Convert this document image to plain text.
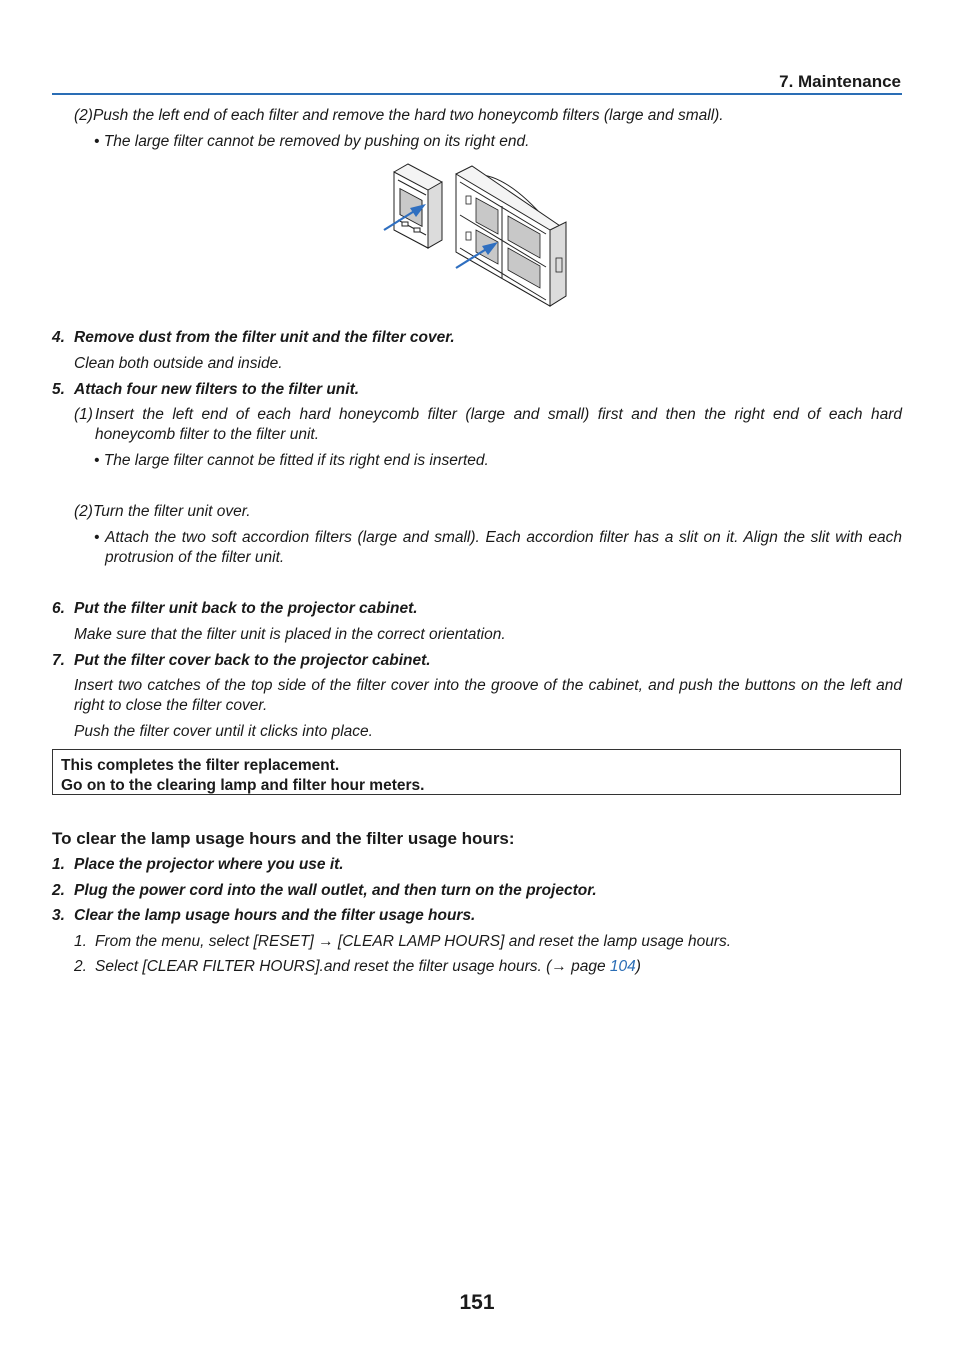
7. Maintenance
(2)Push the left end of each filter and remove the hard two honeycomb filters (large and small).
• The large filter cannot be removed by pushing on its right end.
4. Remove dust from the filter unit and the filter cover.
Clean both outside and inside.
5. Attach four new filters to the filter unit.
(1) Insert the left end of each hard honeycomb filter (large and small) first and then the right end of each hard honeycomb filter to the filter unit.
• The large filter cannot be fitted if its right end is inserted.
(2)Turn the filter unit over.
• Attach the two soft accordion filters (large and small). Each accordion filter has a slit on it. Align the slit with each protrusion of the filter unit.
6. Put the filter unit back to the projector cabinet.
Make sure that the filter unit is placed in the correct orientation.
7. Put the filter cover back to the projector cabinet.
Insert two catches of the top side of the filter cover into the groove of the cabinet, and push the buttons on the left and right to close the filter cover.
Push the filter cover until it clicks into place.
This completes the filter replacement.
Go on to the clearing lamp and filter hour meters.
To clear the lamp usage hours and the filter usage hours:
1. Place the projector where you use it.
2. Plug the power cord into the wall outlet, and then turn on the projector.
3. Clear the lamp usage hours and the filter usage hours.
1. From the menu, select [RESET] → [CLEAR LAMP HOURS] and reset the lamp usage hours.
2. Select [CLEAR FILTER HOURS].and reset the filter usage hours. (→ page 104)
151
